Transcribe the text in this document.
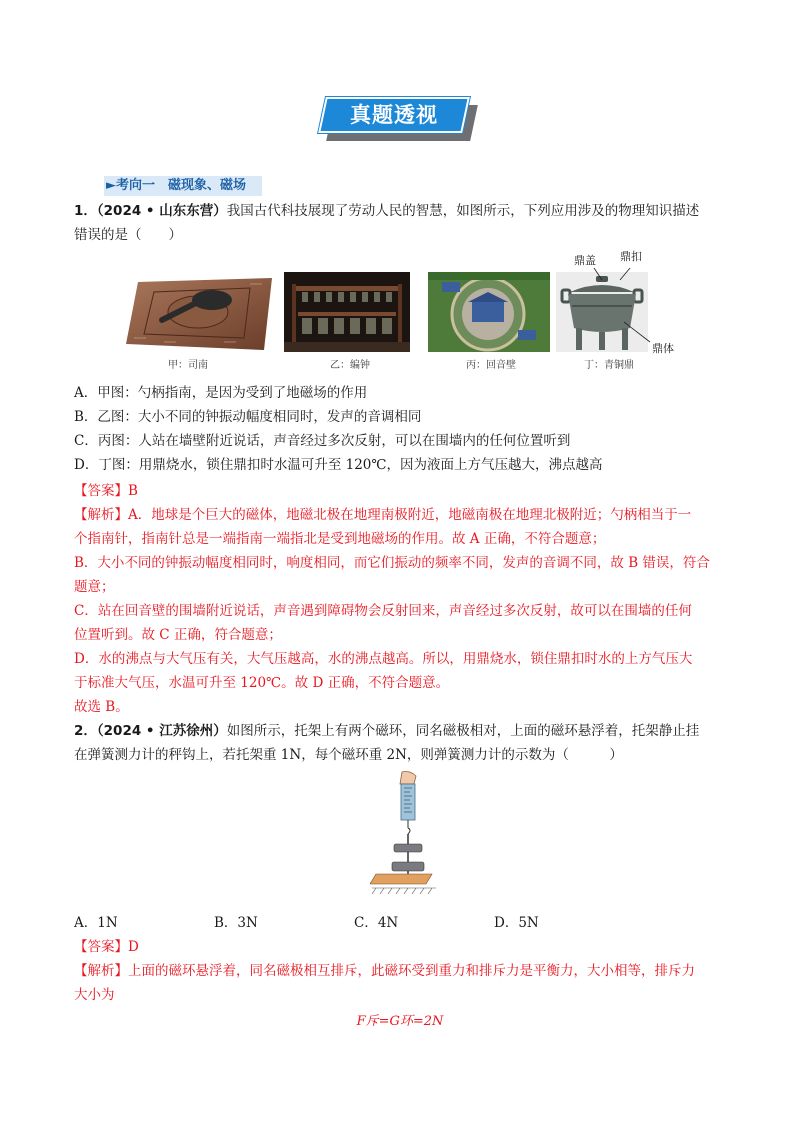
真题透视
►考向一　磁现象、磁场
1．（2024 • 山东东营）我国古代科技展现了劳动人民的智慧，如图所示，下列应用涉及的物理知识描述
错误的是（　　）
鼎盖 鼎扣
鼎体
甲：司南	乙：编钟	丙：回音壁	丁：青铜鼎
A．甲图：勺柄指南，是因为受到了地磁场的作用
B．乙图：大小不同的钟振动幅度相同时，发声的音调相同
C．丙图：人站在墙壁附近说话，声音经过多次反射，可以在围墙内的任何位置听到
D．丁图：用鼎烧水，锁住鼎扣时水温可升至 120℃，因为液面上方气压越大，沸点越高
【答案】B
【解析】A．地球是个巨大的磁体，地磁北极在地理南极附近，地磁南极在地理北极附近；勺柄相当于一
个指南针，指南针总是一端指南一端指北是受到地磁场的作用。故 A 正确，不符合题意；
B．大小不同的钟振动幅度相同时，响度相同，而它们振动的频率不同，发声的音调不同，故 B 错误，符合
题意；
C．站在回音壁的围墙附近说话，声音遇到障碍物会反射回来，声音经过多次反射，故可以在围墙的任何
位置听到。故 C 正确，符合题意；
D．水的沸点与大气压有关，大气压越高，水的沸点越高。所以，用鼎烧水，锁住鼎扣时水的上方气压大
于标准大气压，水温可升至 120℃。故 D 正确，不符合题意。
故选 B。
2．（2024 • 江苏徐州）如图所示，托架上有两个磁环，同名磁极相对，上面的磁环悬浮着，托架静止挂
在弹簧测力计的秤钩上，若托架重 1N，每个磁环重 2N，则弹簧测力计的示数为（　　　）
A．1N	B．3N	C．4N	D．5N
【答案】D
【解析】上面的磁环悬浮着，同名磁极相互排斥，此磁环受到重力和排斥力是平衡力，大小相等，排斥力
大小为
F斥=G环=2N
